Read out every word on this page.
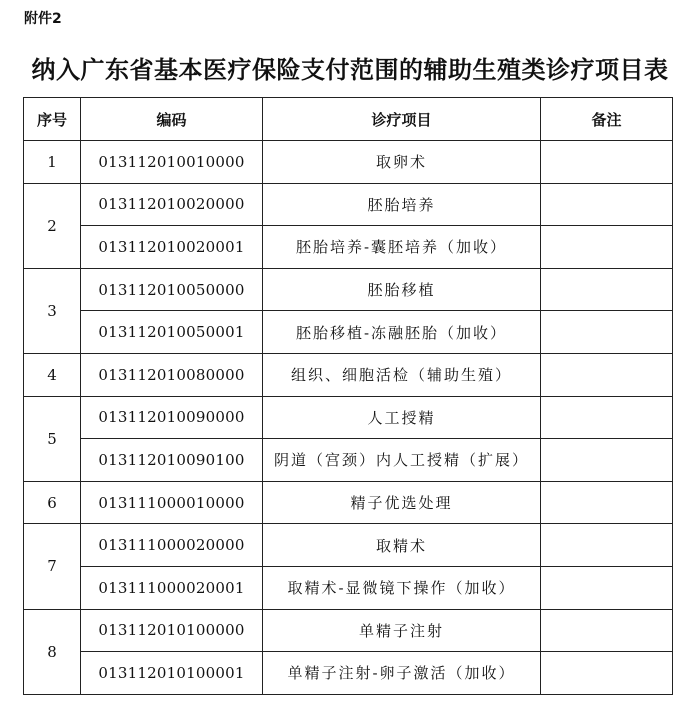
附件2
纳入广东省基本医疗保险支付范围的辅助生殖类诊疗项目表
序号	编码	诊疗项目	备注
1	013112010010000	取卵术	
2	013112010020000	胚胎培养	
	013112010020001	胚胎培养-囊胚培养（加收）	
3	013112010050000	胚胎移植	
	013112010050001	胚胎移植-冻融胚胎（加收）	
4	013112010080000	组织、细胞活检（辅助生殖）	
5	013112010090000	人工授精	
	013112010090100	阴道（宫颈）内人工授精（扩展）	
6	013111000010000	精子优选处理	
7	013111000020000	取精术	
	013111000020001	取精术-显微镜下操作（加收）	
8	013112010100000	单精子注射	
	013112010100001	单精子注射-卵子激活（加收）	
